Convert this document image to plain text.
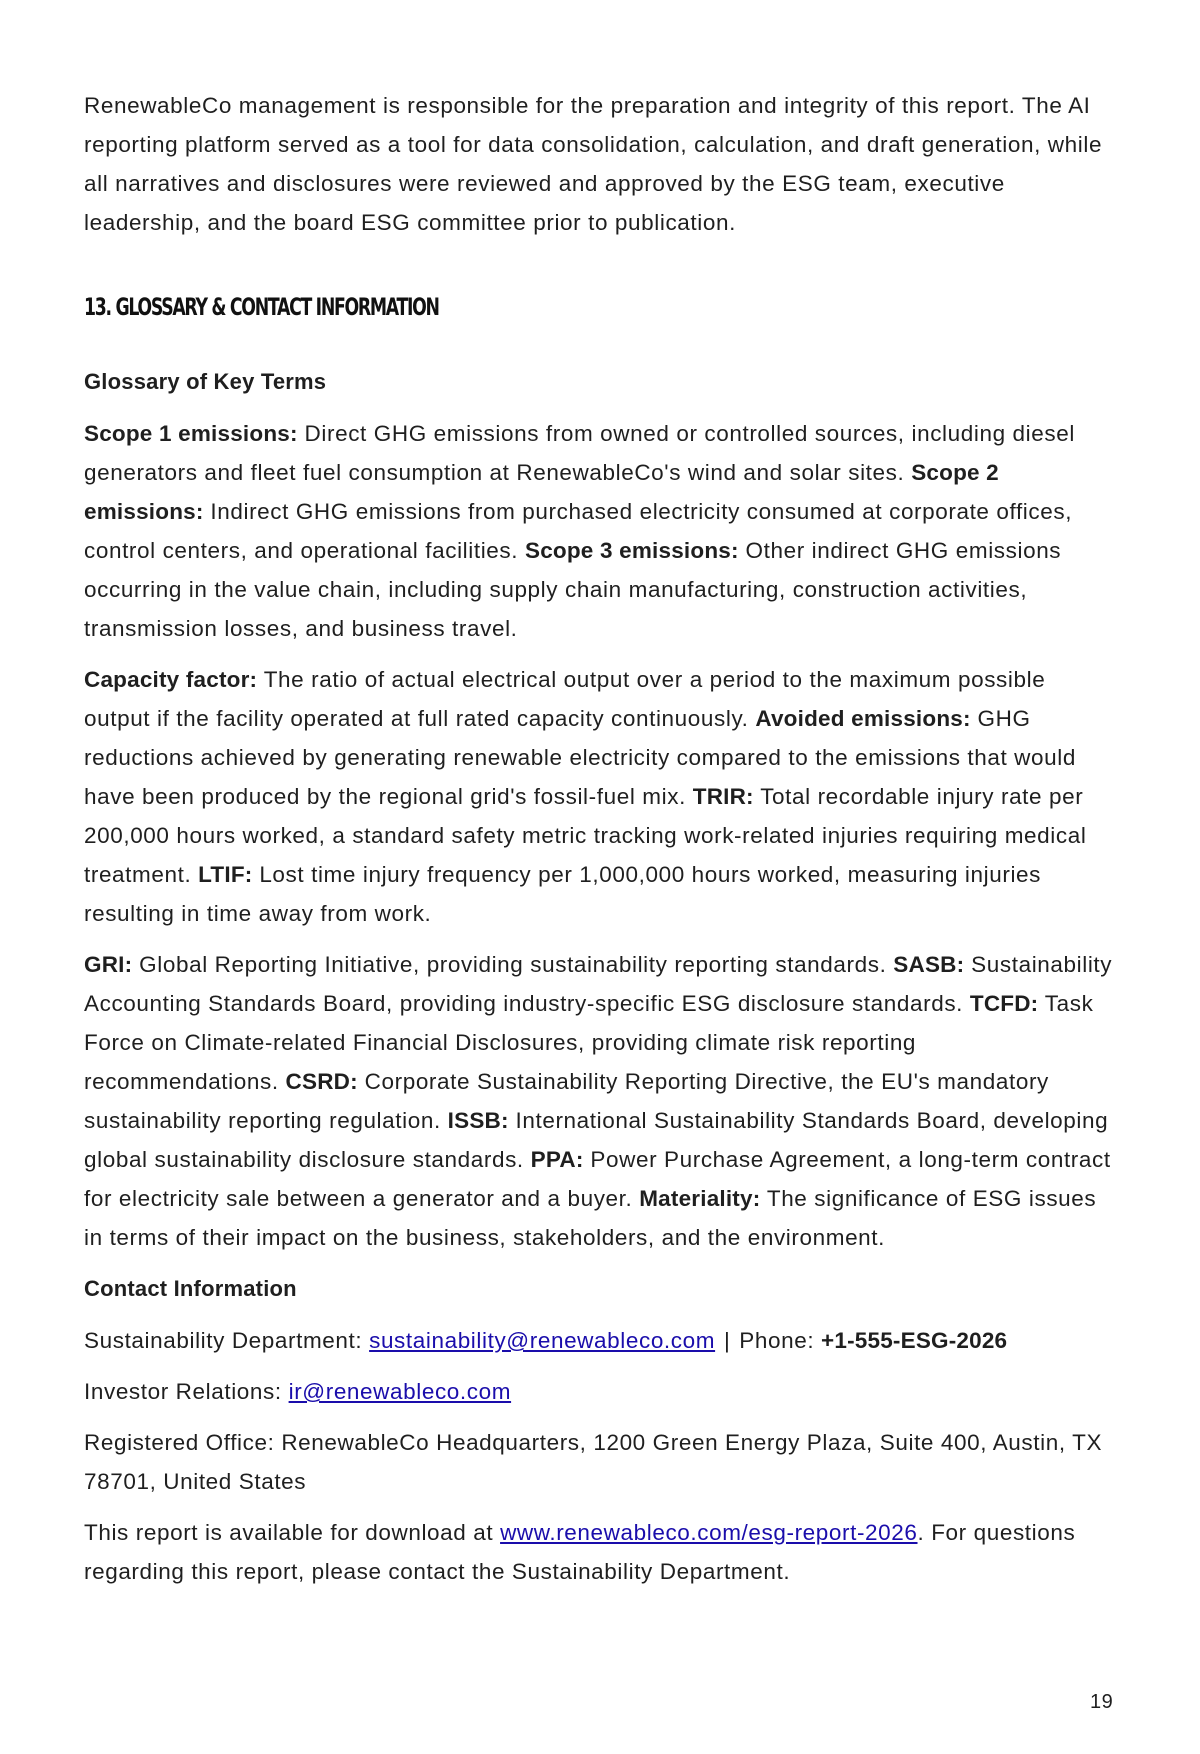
RenewableCo management is responsible for the preparation and integrity of this report. The AI reporting platform served as a tool for data consolidation, calculation, and draft generation, while all narratives and disclosures were reviewed and approved by the ESG team, executive leadership, and the board ESG committee prior to publication.

13. GLOSSARY & CONTACT INFORMATION

Glossary of Key Terms

Scope 1 emissions: Direct GHG emissions from owned or controlled sources, including diesel generators and fleet fuel consumption at RenewableCo's wind and solar sites. Scope 2 emissions: Indirect GHG emissions from purchased electricity consumed at corporate offices, control centers, and operational facilities. Scope 3 emissions: Other indirect GHG emissions occurring in the value chain, including supply chain manufacturing, construction activities, transmission losses, and business travel.

Capacity factor: The ratio of actual electrical output over a period to the maximum possible output if the facility operated at full rated capacity continuously. Avoided emissions: GHG reductions achieved by generating renewable electricity compared to the emissions that would have been produced by the regional grid's fossil-fuel mix. TRIR: Total recordable injury rate per 200,000 hours worked, a standard safety metric tracking work-related injuries requiring medical treatment. LTIF: Lost time injury frequency per 1,000,000 hours worked, measuring injuries resulting in time away from work.

GRI: Global Reporting Initiative, providing sustainability reporting standards. SASB: Sustainability Accounting Standards Board, providing industry-specific ESG disclosure standards. TCFD: Task Force on Climate-related Financial Disclosures, providing climate risk reporting recommendations. CSRD: Corporate Sustainability Reporting Directive, the EU's mandatory sustainability reporting regulation. ISSB: International Sustainability Standards Board, developing global sustainability disclosure standards. PPA: Power Purchase Agreement, a long-term contract for electricity sale between a generator and a buyer. Materiality: The significance of ESG issues in terms of their impact on the business, stakeholders, and the environment.

Contact Information

Sustainability Department: sustainability@renewableco.com | Phone: +1-555-ESG-2026

Investor Relations: ir@renewableco.com

Registered Office: RenewableCo Headquarters, 1200 Green Energy Plaza, Suite 400, Austin, TX 78701, United States

This report is available for download at www.renewableco.com/esg-report-2026. For questions regarding this report, please contact the Sustainability Department.

19
